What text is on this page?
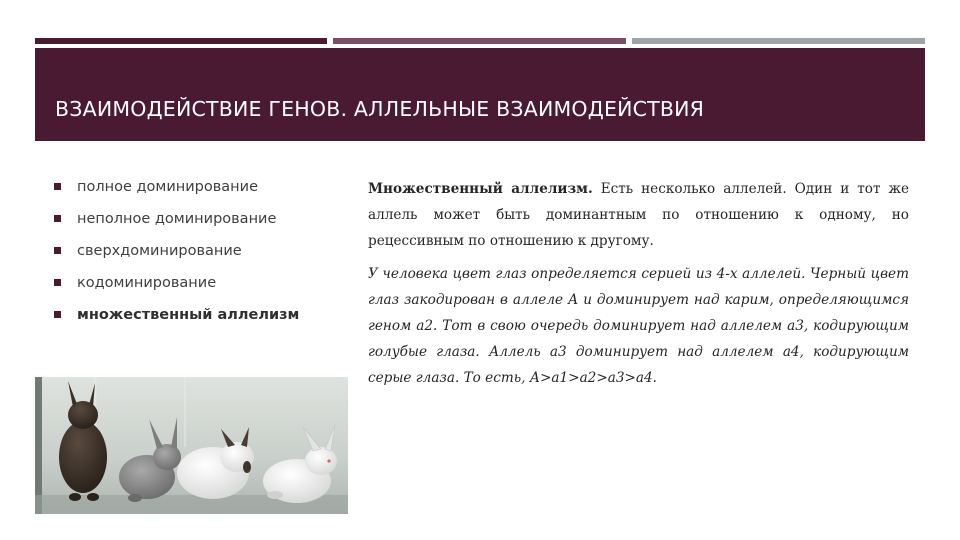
ВЗАИМОДЕЙСТВИЕ ГЕНОВ. АЛЛЕЛЬНЫЕ ВЗАИМОДЕЙСТВИЯ
полное доминирование
неполное доминирование
сверхдоминирование
кодоминирование
множественный аллелизм

Множественный аллелизм. Есть несколько аллелей. Один и тот же аллель может быть доминантным по отношению к одному, но рецессивным по отношению к другому.

У человека цвет глаз определяется серией из 4-х аллелей. Черный цвет глаз закодирован в аллеле А и доминирует над карим, определяющимся геном а2. Тот в свою очередь доминирует над аллелем а3, кодирующим голубые глаза. Аллель а3 доминирует над аллелем а4, кодирующим серые глаза. То есть, А>а1>а2>а3>а4.
